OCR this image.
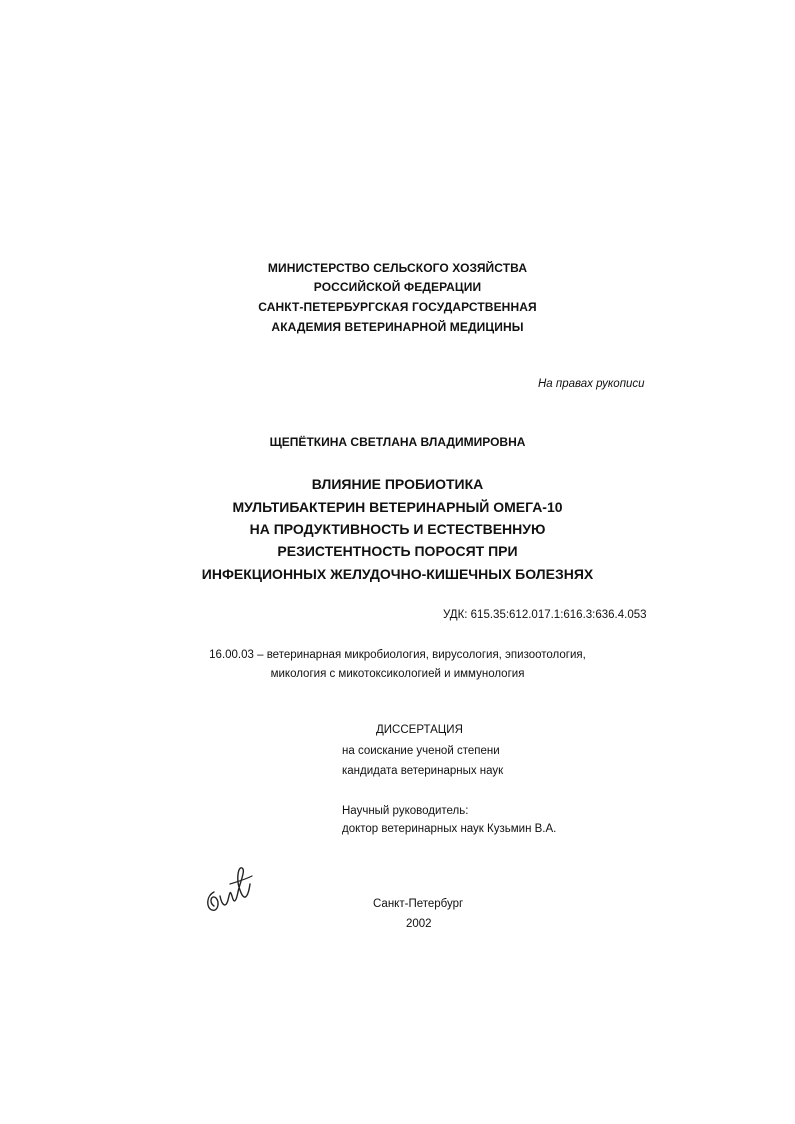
МИНИСТЕРСТВО СЕЛЬСКОГО ХОЗЯЙСТВА
РОССИЙСКОЙ ФЕДЕРАЦИИ
САНКТ-ПЕТЕРБУРГСКАЯ ГОСУДАРСТВЕННАЯ
АКАДЕМИЯ ВЕТЕРИНАРНОЙ МЕДИЦИНЫ
На правах рукописи
ЩЕПЁТКИНА СВЕТЛАНА ВЛАДИМИРОВНА
ВЛИЯНИЕ ПРОБИОТИКА
МУЛЬТИБАКТЕРИН ВЕТЕРИНАРНЫЙ ОМЕГА-10
НА ПРОДУКТИВНОСТЬ И ЕСТЕСТВЕННУЮ
РЕЗИСТЕНТНОСТЬ ПОРОСЯТ ПРИ
ИНФЕКЦИОННЫХ ЖЕЛУДОЧНО-КИШЕЧНЫХ БОЛЕЗНЯХ
УДК: 615.35:612.017.1:616.3:636.4.053
16.00.03 – ветеринарная микробиология, вирусология, эпизоотология,
микология с микотоксикологией и иммунология
ДИССЕРТАЦИЯ
на соискание ученой степени
кандидата ветеринарных наук
Научный руководитель:
доктор ветеринарных наук Кузьмин В.А.
Санкт-Петербург
2002
